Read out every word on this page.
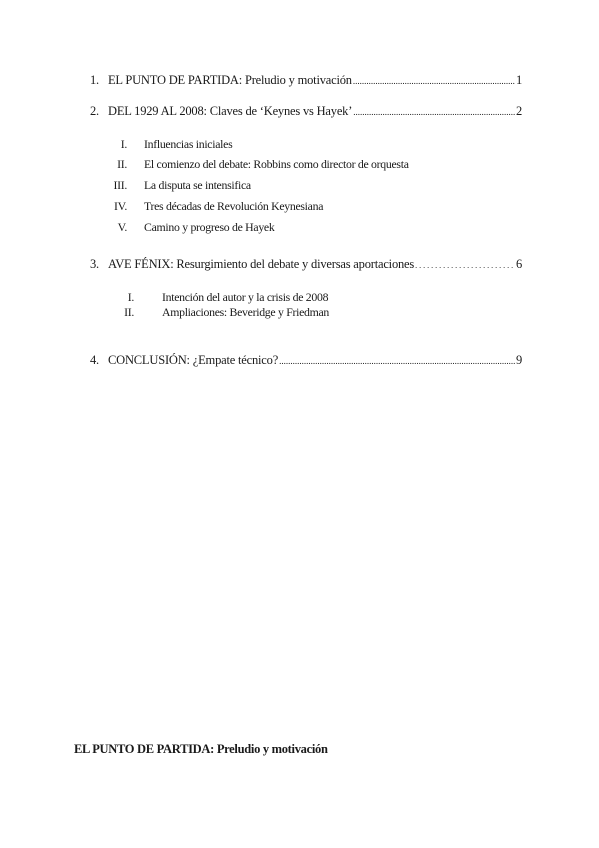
1. EL PUNTO DE PARTIDA: Preludio y motivación .....	1
2. DEL 1929 AL 2008: Claves de ‘Keynes vs Hayek’ .....	2
I. Influencias iniciales
II. El comienzo del debate: Robbins como director de orquesta
III. La disputa se intensifica
IV. Tres décadas de Revolución Keynesiana
V. Camino y progreso de Hayek
3. AVE FÉNIX: Resurgimiento del debate y diversas aportaciones . . .	6
I. Intención del autor y la crisis de 2008
II. Ampliaciones: Beveridge y Friedman
4. CONCLUSIÓN: ¿Empate técnico? .....	9
EL PUNTO DE PARTIDA: Preludio y motivación
